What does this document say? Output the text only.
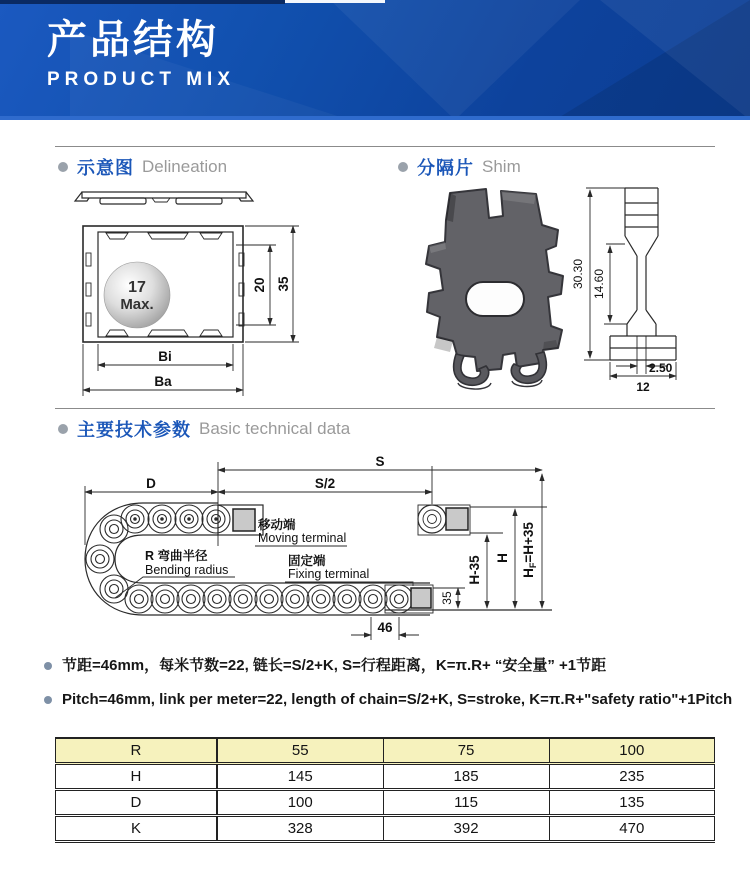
产品结构
PRODUCT MIX
示意图 Delineation	分隔片 Shim
17
Max.
20 35
Bi
Ba
30.30 14.60
2.50
12
主要技术参数 Basic technical data
S
S/2
D
35
H-35 H
$H_F=H+35$
46
移动端
Moving terminal
固定端
Fixing terminal
R 弯曲半径
Bending radius
节距=46mm，每米节数=22, 链长=S/2+K, S=行程距离，K=π.R+ “安全量” +1节距
Pitch=46mm, link per meter=22, length of chain=S/2+K, S=stroke, K=π.R+"safety ratio"+1Pitch
R	55	75	100
H	145	185	235
D	100	115	135
K	328	392	470
